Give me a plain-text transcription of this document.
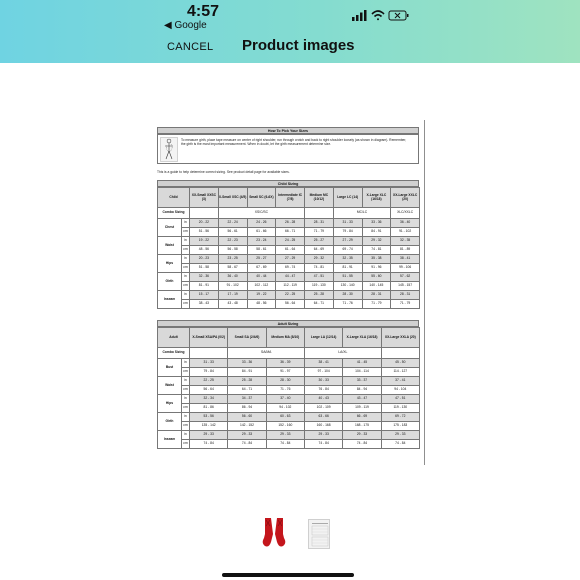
4:57
◀ Google
CANCEL Product images
How To Pick Your Sizes
To measure girth, place tape measure on center of right shoulder, run through crotch and back to right shoulder loosely (as shown in diagram). Remember, the girth is the most important measurement. When in doubt, let the girth measurement determine size.
This is a guide to help determine correct sizing. See product detail page for available sizes.
Child Sizing
Child		XX-Small XXSC (3)	X-Small XSC (4/5)	Small SC (6-6X)	Intermediate IC (7/8)	Medium MC (10/12)	Large LC (14)	X-Large XLC (16/18)	XX-Large XXLC (20)
Combo Sizing			XS/C/SC				MC/LC		XLC/XXLC
Chest	in	20 - 22	22 - 24	24 - 26	26 - 28	28 - 31	31 - 33	33 - 36	36 - 40
	cm	51 - 56	56 - 61	61 - 66	66 - 71	71 - 79	79 - 84	84 - 91	91 - 102
Waist	in	19 - 22	22 - 23	23 - 24	24 - 25	25 - 27	27 - 29	29 - 32	32 - 35
	cm	48 - 56	56 - 58	58 - 61	61 - 64	64 - 69	69 - 74	74 - 81	81 - 89
Hips	in	20 - 23	23 - 25	25 - 27	27 - 29	29 - 32	32 - 35	35 - 38	38 - 41
	cm	51 - 58	58 - 67	67 - 69	69 - 74	74 - 81	81 - 91	91 - 96	99 - 106
Girth	in	32 - 36	36 - 40	40 - 44	44 - 47	47 - 51	51 - 55	55 - 60	57 - 62
	cm	81 - 91	91 - 102	102 - 112	112 - 119	119 - 130	130 - 140	140 - 145	145 - 157
Inseam	in	15 - 17	17 - 19	19 - 22	22 - 25	25 - 28	28 - 30	28 - 31	28 - 31
	cm	38 - 43	43 - 48	48 - 56	56 - 64	64 - 71	71 - 76	71 - 79	71 - 79
Adult Sizing
Adult		X-Small XSA/PA (0/2)	Small SA (2/4/6)	Medium MA (8/10)	Large LA (12/14)	X-Large XLA (16/18)	XX-Large XXLA (20)
Combo Sizing			SA/MA		LA/XL		
Bust	in	31 - 33	33 - 36	36 - 39	38 - 41	41 - 45	45 - 50
	cm	79 - 84	84 - 91	91 - 97	97 - 104	104 - 114	114 - 127
Waist	in	22 - 25	25 - 28	28 - 30	30 - 33	33 - 37	37 - 41
	cm	56 - 64	64 - 71	71 - 76	76 - 84	84 - 94	94 - 104
Hips	in	32 - 34	34 - 37	37 - 40	40 - 43	43 - 47	47 - 51
	cm	81 - 86	86 - 94	94 - 102	102 - 109	109 - 119	119 - 130
Girth	in	53 - 56	56 - 60	60 - 63	63 - 66	66 - 69	69 - 72
	cm	135 - 142	142 - 152	152 - 160	160 - 168	168 - 175	175 - 183
Inseam	in	29 - 33	29 - 33	29 - 33	29 - 33	29 - 33	29 - 33
	cm	74 - 84	74 - 84	74 - 84	74 - 84	74 - 84	74 - 84
